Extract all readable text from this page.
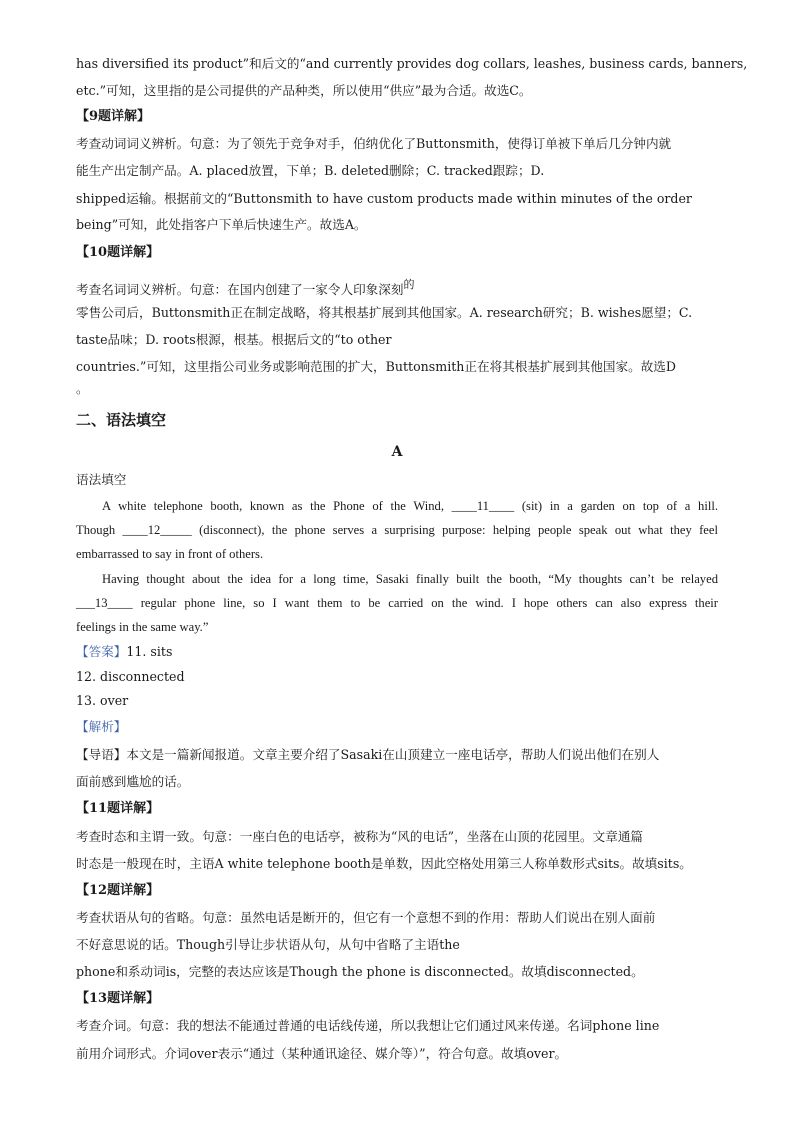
has diversified its product”和后文的“and currently provides dog collars, leashes, business cards, banners,
etc.”可知，这里指的是公司提供的产品种类，所以使用“供应”最为合适。故选C。
【9题详解】
考查动词词义辨析。句意：为了领先于竞争对手，伯纳优化了Buttonsmith，使得订单被下单后几分钟内就
能生产出定制产品。A. placed放置，下单；B. deleted删除；C. tracked跟踪；D.
shipped运输。根据前文的“Buttonsmith to have custom products made within minutes of the order
being”可知，此处指客户下单后快速生产。故选A。
【10题详解】
考查名词词义辨析。句意：在国内创建了一家令人印象深刻的
零售公司后，Buttonsmith正在制定战略，将其根基扩展到其他国家。A. research研究；B. wishes愿望；C.
taste品味；D. roots根源，根基。根据后文的“to other
countries.”可知，这里指公司业务或影响范围的扩大，Buttonsmith正在将其根基扩展到其他国家。故选D
。
二、语法填空
A
语法填空
A white telephone booth, known as the Phone of the Wind, ____11____ (sit) in a garden on top of a hill.
Though ____12_____ (disconnect), the phone serves a surprising purpose: helping people speak out what they feel
embarrassed to say in front of others.
Having thought about the idea for a long time, Sasaki finally built the booth, “My thoughts can’t be relayed
___13____ regular phone line, so I want them to be carried on the wind. I hope others can also express their
feelings in the same way.”
【答案】11. sits
12. disconnected
13. over
【解析】
【导语】本文是一篇新闻报道。文章主要介绍了Sasaki在山顶建立一座电话亭，帮助人们说出他们在别人
面前感到尴尬的话。
【11题详解】
考查时态和主谓一致。句意：一座白色的电话亭，被称为“风的电话”，坐落在山顶的花园里。文章通篇
时态是一般现在时，主语A white telephone booth是单数，因此空格处用第三人称单数形式sits。故填sits。
【12题详解】
考查状语从句的省略。句意：虽然电话是断开的，但它有一个意想不到的作用：帮助人们说出在别人面前
不好意思说的话。Though引导让步状语从句，从句中省略了主语the
phone和系动词is，完整的表达应该是Though the phone is disconnected。故填disconnected。
【13题详解】
考查介词。句意：我的想法不能通过普通的电话线传递，所以我想让它们通过风来传递。名词phone line
前用介词形式。介词over表示“通过（某种通讯途径、媒介等）”，符合句意。故填over。
